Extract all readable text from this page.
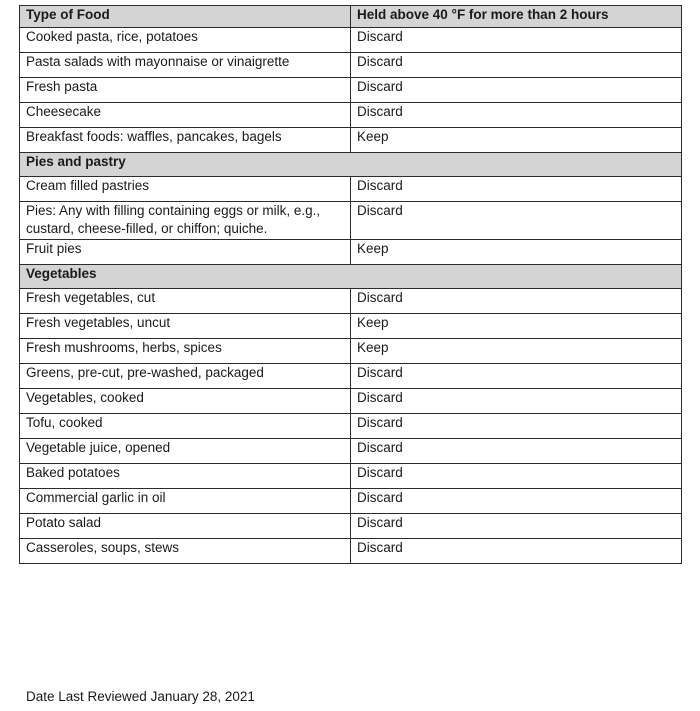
Type of Food	Held above 40 °F for more than 2 hours
Cooked pasta, rice, potatoes	Discard
Pasta salads with mayonnaise or vinaigrette	Discard
Fresh pasta	Discard
Cheesecake	Discard
Breakfast foods: waffles, pancakes, bagels	Keep
Pies and pastry	
Cream filled pastries	Discard
Pies: Any with filling containing eggs or milk, e.g., custard, cheese-filled, or chiffon; quiche.	Discard
Fruit pies	Keep
Vegetables	
Fresh vegetables, cut	Discard
Fresh vegetables, uncut	Keep
Fresh mushrooms, herbs, spices	Keep
Greens, pre-cut, pre-washed, packaged	Discard
Vegetables, cooked	Discard
Tofu, cooked	Discard
Vegetable juice, opened	Discard
Baked potatoes	Discard
Commercial garlic in oil	Discard
Potato salad	Discard
Casseroles, soups, stews	Discard
Date Last Reviewed January 28, 2021
